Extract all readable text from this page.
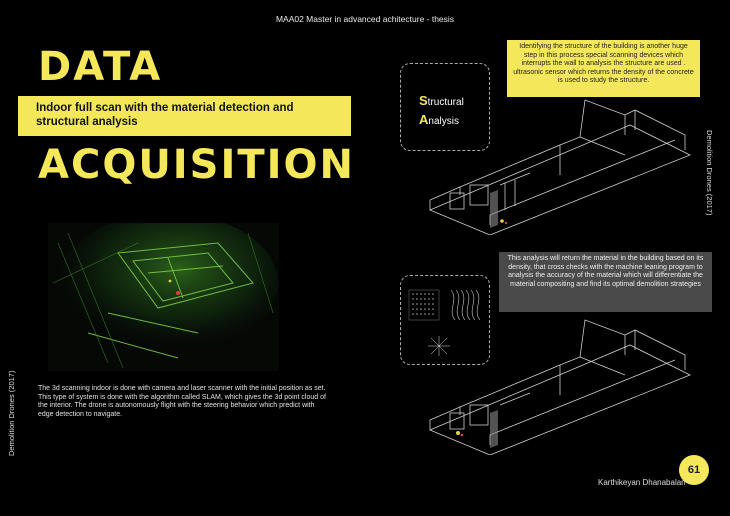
MAA02 Master in advanced achitecture - thesis
DATA
Indoor full scan with the material detection and structural analysis
ACQUISITION
The 3d scanning indoor is done with camera and laser scanner with the initial position as set. This type of system is done with the algorithm called SLAM, which gives the 3d point cloud of the interior. The drone is autonomously flight with the steering behavior which predict with edge detection to navigate.
Demolition Drones (2017)
Demolition Drones (2017)
Identifying the structure of the building is another huge step in this process special scanning devices which interrupts the wall to analysis the structure are used . ultrasonic sensor which returns the density of the concrete is used to study the structure.
Structural
Analysis
This analysis will return the material in the building based on its density, that cross checks with the machine leaning program to analysis the accuracy of the material which will differentiate the material compositing and find its optimal demolition strategies
61
Karthikeyan Dhanabalan
